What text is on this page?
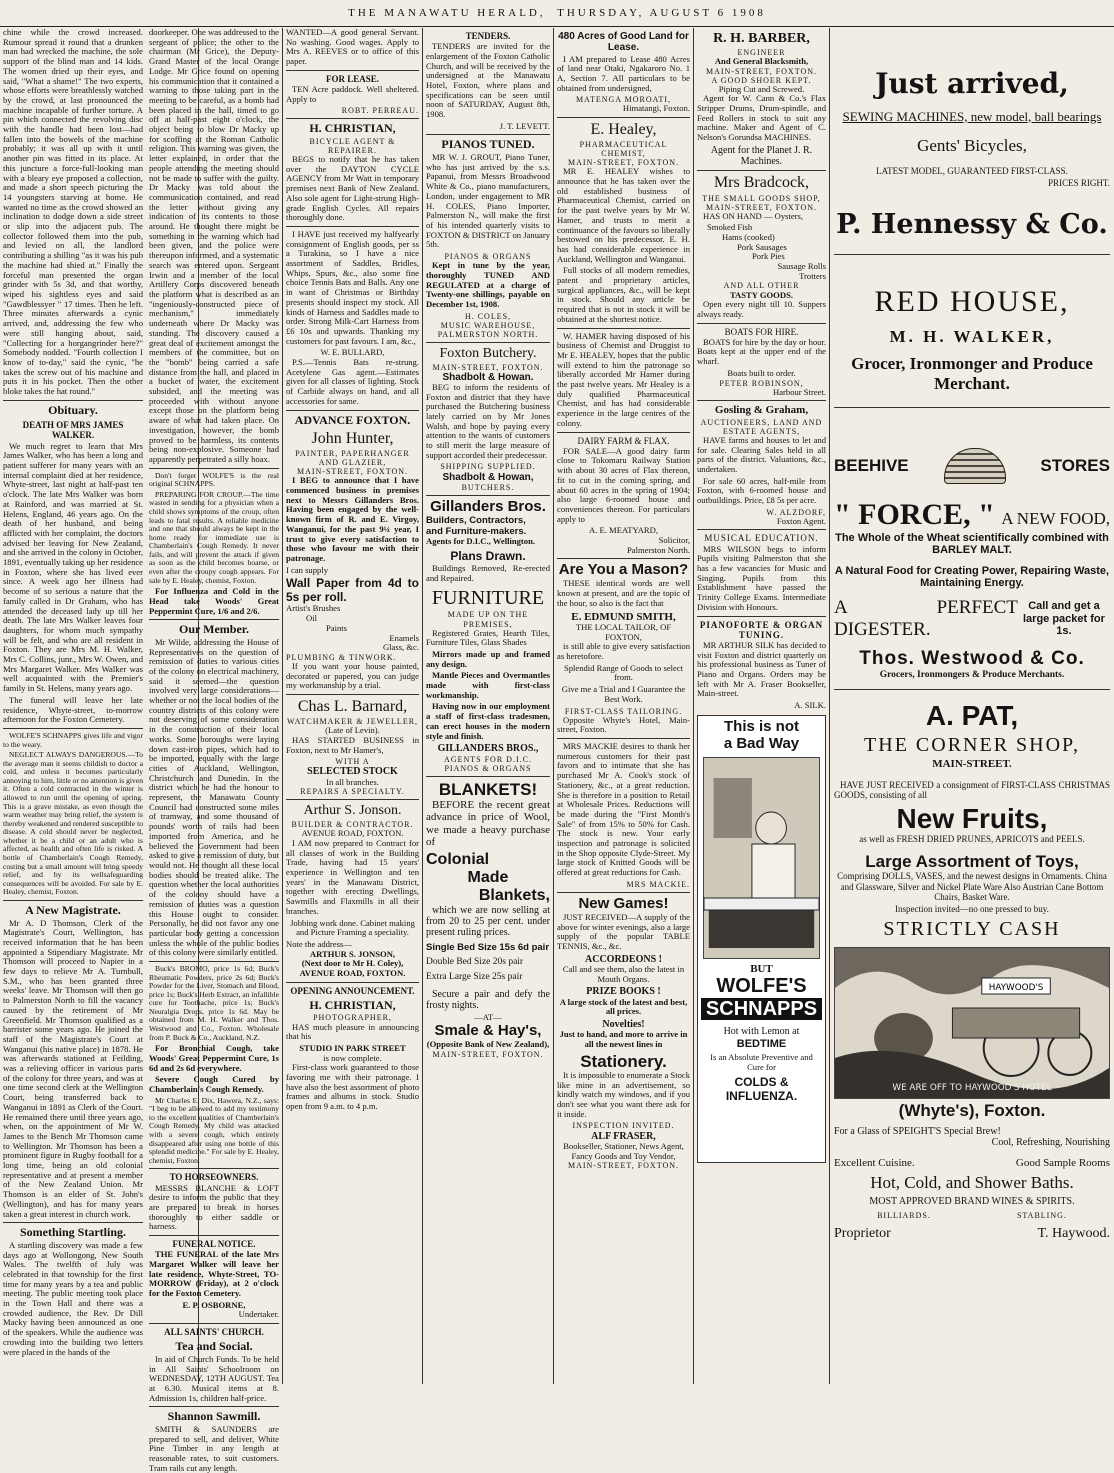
THE MANAWATU HERALD,
THURSDAY, AUGUST 6 1908

chine while the crowd increased. Rumour spread it round that a drunken man had wrecked the machine, the sole support of the blind man and 14 kids. The women dried up their eyes, and said, "What a shame!" The two experts, whose efforts were breathlessly watched by the crowd, at last pronounced the machine incapable of further torture. A pin which connected the revolving disc with the handle had been lost—had fallen into the bowels of the machine probably; it was all up with it until another pin was fitted in its place. At this juncture a force-full-looking man with a bleary eye proposed a collection, and made a short speech picturing the 14 youngsters starving at home. He wanted no time as the crowd showed an inclination to dodge down a side street or slip into the adjacent pub. The collector followed them into the pub, and levied on all, the landlord contributing a shilling "as it was his pub the machine had shied at." Finally the forceful man presented the organ grinder with 5s 3d, and that worthy, wiped his sightless eyes and said "Gawdblessyer " 17 times. Then he left. Three minutes afterwards a cynic arrived, and, addressing the few who were still hanging about, said, "Collecting for a horgangrinder here?" Somebody nodded. "Fourth collection I know of to-day," said the cynic, "he takes the screw out of his machine and puts it in his pocket. Then the other bloke takes the hat round."

Obituary.
DEATH OF MRS JAMES WALKER.

We much regret to learn that Mrs James Walker, who has been a long and patient sufferer for many years with an internal complaint died at her residence, Whyte-street, last night at half-past ten o'clock. The late Mrs Walker was born at Rainford, and was married at St. Helens, England, 46 years ago. On the death of her husband, and being afflicted with her complaint, the doctors advised her leaving for New Zealand, and she arrived in the colony in October, 1891, eventually taking up her residence in Foxton, where she has lived ever since. A week ago her illness had become of so serious a nature that the family called in Dr Graham, who has attended the deceased lady up till her death. The late Mrs Walker leaves four daughters, for whom much sympathy will be felt, and who are all resident in Foxton. They are Mrs M. H. Walker, Mrs C. Collins, junr., Mrs W. Owen, and Mrs Margaret Walker. Mrs Walker was well acquainted with the Premier's family in St. Helens, many years ago.

The funeral will leave her late residence, Whyte-street, to-morrow afternoon for the Foxton Cemetery.

WOLFE'S SCHNAPPS gives life and vigor to the weary.

NEGLECT ALWAYS DANGEROUS.—To the average man it seems childish to doctor a cold, and unless it becomes particularly annoying to him, little or no attention is given it. Often a cold contracted in the winter is allowed to run until the opening of spring. This is a grave mistake, as even though the warm weather may bring relief, the system is thereby weakened and rendered susceptible to disease. A cold should never be neglected, whether it be a child or an adult who is affected, as health and often life is risked. A bottle of Chamberlain's Cough Remedy, costing but a small amount will bring speedy relief, and by its wellsafeguarding consequences will be avoided. For sale by E. Healey, chemist, Foxton.

A New Magistrate.

Mr A. D Thomson, Clerk of the Magistrate's Court, Wellington, has received information that he has been appointed a Stipendiary Magistrate. Mr Thomson will proceed to Napier in a few days to relieve Mr A. Turnbull, S.M., who has been granted three weeks' leave. Mr Thomson will then go to Palmerston North to fill the vacancy caused by the retirement of Mr Greenfield. Mr Thomson qualified as a barrister some years ago. He joined the staff of the Magistrate's Court at Wanganui (his native place) in 1878. He was afterwards stationed at Feilding, was a relieving officer in various parts of the colony for three years, and was at one time second clerk at the Wellington Court, being transferred back to Wanganui in 1891 as Clerk of the Court. He remained there until three years ago, when, on the appointment of Mr W. James to the Bench Mr Thomson came to Wellington. Mr Thomson has been a prominent figure in Rugby football for a long time, being an old colonial representative and at present a member of the New Zealand Union. Mr Thomson is an elder of St. John's (Wellington), and has for many years taken a great interest in church work.

Something Startling.

A startling discovery was made a few days ago at Wollongong, New South Wales. The twelfth of July was celebrated in that township for the first time for many years by a tea and public meeting. The public meeting took place in the Town Hall and there was a crowded audience, the Rev. Dr Dill Macky having been announced as one of the speakers. While the audience was crowding into the building two letters were placed in the hands of the

doorkeeper. One was addressed to the sergeant of police; the other to the chairman (Mr Grice), the Deputy-Grand Master of the local Orange Lodge. Mr Grice found on opening his communication that it contained a warning to those taking part in the meeting to be careful, as a bomb had been placed in the hall, timed to go off at half-past eight o'clock, the object being to blow Dr Macky up for scoffing at the Roman Catholic religion. This warning was given, the letter explained, in order that the people attending the meeting should not be made to suffer with the guilty. Dr Macky was told about the communication contained, and read the letter without giving any indication of its contents to those around. He thought there might be something in the warning which had been given, and the police were thereupon informed, and a systematic search was entered upon. Sergeant Irwin and a member of the local Artillery Corps discovered beneath the platform what is described as an "ingeniously-constructed piece of mechanism," immediately underneath where Dr Macky was standing. The discovery caused a great deal of excitement amongst the members of the committee, but on the "bomb" being carried a safe distance from the hall, and placed in a bucket of water, the excitement subsided, and the meeting was proceeded with without anyone except those on the platform being aware of what had taken place. On investigation, however, the bomb proved to be harmless, its contents being non-explosive. Someone had apparently perpetrated a silly hoax.

Don't forget WOLFE'S is the real original SCHNAPPS.

PREPARING FOR CROUP.—The time wasted in sending for a physician when a child shows symptoms of the croup, often leads to fatal results. A reliable medicine and one that should always be kept in the home ready for immediate use is Chamberlain's Cough Remedy. It never fails, and will prevent the attack if given as soon as the child becomes hoarse, or even after the croupy cough appears. For sale by E. Healey, chemist, Foxton.

For Influenza and Cold in the Head take Woods' Great Peppermint Cure, 1/6 and 2/6.

Our Member.

Mr Wilde, addressing the House of Representatives on the question of remission of duties to various cities of the colony on electrical machinery, said it seemed—the question involved very large considerations—whether or not the local bodies of the country districts of this colony were not deserving of some consideration in the construction of their local works. Some boroughs were laying down cast-iron pipes, which had to be imported, equally with the large cities of Auckland, Wellington, Christchurch and Dunedin. In the district which he had the honour to represent, the Manawatu County Council had constructed some miles of tramway, and some thousand of pounds' worth of rails had been imported from America, and he believed the Government had been asked to give a remission of duty, but would not. He thought all these local bodies should be treated alike. The question whether the local authorities of the colony should have a remission of duties was a question this House ought to consider. Personally, he did not favor any one particular body getting a concession unless the whole of the public bodies of this colony were similarly entitled.

Buck's BROMO, price 1s 6d; Buck's Rheumatic Powders, price 2s 6d; Buck's Powder for the Liver, Stomach and Blood, price 1s; Buck's Herb Extract, an infallible cure for Toothache, price 1s; Buck's Neuralgia Drops, price 1s 6d. May be obtained from M. H. Walker and Thos. Westwood and Co., Foxton. Wholesale from P. Buck & Co., Auckland, N.Z.

For Bronchial Cough, take Woods' Great Peppermint Cure, 1s 6d and 2s 6d everywhere.

Severe Cough Cured by Chamberlain's Cough Remedy.

Mr Charles E. Dix, Hawera, N.Z., says: "I beg to be allowed to add my testimony to the excellent qualities of Chamberlain's Cough Remedy. My child was attacked with a severe cough, which entirely disappeared after using one bottle of this splendid medicine." For sale by E. Healey, chemist, Foxton.

TO HORSEOWNERS.

MESSRS BLANCHE & LOFT desire to inform the public that they are prepared to break in horses thoroughly to either saddle or harness.

FUNERAL NOTICE.

THE FUNERAL of the late Mrs Margaret Walker will leave her late residence, Whyte-Street, TO-MORROW (Friday), at 2 o'clock for the Foxton Cemetery.

E. P. OSBORNE,
Undertaker.
ALL SAINTS' CHURCH.
Tea and Social.

In aid of Church Funds. To be held in All Saints' Schoolroom on WEDNESDAY, 12TH AUGUST. Tea at 6.30. Musical items at 8. Admission 1s, children half-price.

Shannon Sawmill.

SMITH & SAUNDERS are prepared to sell, and deliver, White Pine Timber in any length at reasonable rates, to suit customers. Tram rails cut any length.

WANTED—A good general Servant. No washing. Good wages. Apply to Mrs A. REEVES or to office of this paper.

FOR LEASE.

TEN Acre paddock. Well sheltered. Apply to

ROBT. PERREAU.
H. CHRISTIAN,
BICYCLE AGENT & REPAIRER.

BEGS to notify that he has taken over the DAYTON CYCLE AGENCY from Mr Watt in temporary premises next Bank of New Zealand. Also sole agent for Light-strung High-grade English Cycles. All repairs thoroughly done.

I HAVE just received my halfyearly consignment of English goods, per ss a Turakina, so I have a nice assortment of Saddles, Bridles, Whips, Spurs, &c., also some fine choice Tennis Bats and Balls. Any one in want of Christmas or Birthday presents should inspect my stock. All kinds of Harness and Saddles made to order. Strong Milk-Cart Harness from £6 10s and upwards. Thanking my customers for past favours. I am, &c.,

W. E. BULLARD,

P.S.—Tennis Bats re-strung. Acetylene Gas agent.—Estimates given for all classes of lighting. Stock of Carbide always on hand, and all accessories for same.

ADVANCE FOXTON.
John Hunter,
PAINTER, PAPERHANGER AND GLAZIER,
MAIN-STREET, FOXTON.

I BEG to announce that I have commenced business in premises next to Messrs Gillanders Bros. Having been engaged by the well-known firm of R. and E. Virgoy, Wanganui, for the past 9¼ year, I trust to give every satisfaction to those who favour me with their patronage.

I can supply

Wall Paper from 4d to 5s per roll.
Artist's Brushes
Oil
Paints
Enamels
Glass, &c.
PLUMBING & TINWORK.

If you want your house painted, decorated or papered, you can judge my workmanship by a trial.

Chas L. Barnard,
WATCHMAKER & JEWELLER,
(Late of Levin).

HAS STARTED BUSINESS in Foxton, next to Mr Hamer's,

WITH A
SELECTED STOCK
In all branches.
REPAIRS A SPECIALTY.
Arthur S. Jonson.
BUILDER & CONTRACTOR.
AVENUE ROAD, FOXTON.

I AM now prepared to Contract for all classes of work in the Building Trade, having had 15 years' experience in Wellington and ten years' in the Manawatu District, together with erecting Dwellings, Sawmills and Flaxmills in all their branches.

Jobbing work done. Cabinet making and Picture Framing a speciality.

Note the address—
ARTHUR S. JONSON,
(Next door to Mr H. Coley),
AVENUE ROAD, FOXTON.
OPENING ANNOUNCEMENT.
H. CHRISTIAN,
PHOTOGRAPHER,

HAS much pleasure in announcing that his

STUDIO IN PARK STREET
is now complete.

First-class work guaranteed to those favoring me with their patronage. I have also the best assortment of photo frames and albums in stock. Studio open from 9 a.m. to 4 p.m.

TENDERS.

TENDERS are invited for the enlargement of the Foxton Catholic Church, and will be received by the undersigned at the Manawatu Hotel, Foxton, where plans and specifications can be seen until noon of SATURDAY, August 8th, 1908.

J. T. LEVETT.
PIANOS TUNED.

MR W. J. GROUT, Piano Tuner, who has just arrived by the s.s. Papanui, from Messrs Broadwood White & Co., piano manufacturers, London, under engagement to MR H. COLES, Piano Importer, Palmerston N., will make the first of his intended quarterly visits to FOXTON & DISTRICT on January 5th.

PIANOS & ORGANS

Kept in tune by the year, thoroughly TUNED AND REGULATED at a charge of Twenty-one shillings, payable on December 1st, 1908.

H. COLES,
MUSIC WAREHOUSE,
PALMERSTON NORTH.
Foxton Butchery.
MAIN-STREET, FOXTON.
Shadbolt & Howan.

BEG to inform the residents of Foxton and district that they have purchased the Butchering business lately carried on by Mr Jones Walsh, and hope by paying every attention to the wants of customers to still merit the large measure of support accorded their predecessor.

SHIPPING SUPPLIED.
Shadbolt & Howan,
BUTCHERS.
Gillanders Bros.
Builders, Contractors,
and Furniture-makers.
Agents for D.I.C., Wellington.
Plans Drawn.

Buildings Removed, Re-erected and Repaired.

FURNITURE
MADE UP ON THE PREMISES,

Registered Grates, Hearth Tiles, Furniture Tiles, Glass Shades

Mirrors made up and framed any design.

Mantle Pieces and Overmantles made with first-class workmanship.

Having now in our employment a staff of first-class tradesmen, can erect houses in the modern style and finish.

GILLANDERS BROS.,
AGENTS FOR D.I.C. PIANOS & ORGANS
BLANKETS!

BEFORE the recent great advance in price of Wool, we made a heavy purchase of

Colonial
Made
Blankets,

which we are now selling at from 20 to 25 per cent. under present ruling prices.

Single Bed Size 15s 6d pair
Double Bed Size 20s pair
Extra Large Size 25s pair

Secure a pair and defy the frosty nights.

—AT—
Smale & Hay's,
(Opposite Bank of New Zealand),
MAIN-STREET, FOXTON.
480 Acres of Good Land for Lease.

I AM prepared to Lease 480 Acres of land near Otaki, Ngakaroro No. 1 A, Section 7. All particulars to be obtained from undersigned,

MATENGA MOROATI,
Himatangi, Foxton.
E. Healey,
PHARMACEUTICAL CHEMIST,
MAIN-STREET, FOXTON.

MR E. HEALEY wishes to announce that he has taken over the old established business of Pharmaceutical Chemist, carried on for the past twelve years by Mr W. Hamer, and trusts to merit a continuance of the favours so liberally bestowed on his predecessor. E. H. has had considerable experience in Auckland, Wellington and Wanganui.

Full stocks of all modern remedies, patent and proprietary articles, surgical appliances, &c., will be kept in stock. Should any article be required that is not in stock it will be obtained at the shortest notice.

W. HAMER having disposed of his business of Chemist and Druggist to Mr E. HEALEY, hopes that the public will extend to him the patronage so liberally accorded Mr Hamer during the past twelve years. Mr Healey is a duly qualified Pharmaceutical Chemist, and has had considerable experience in the large centres of the colony.

DAIRY FARM & FLAX.

FOR SALE—A good dairy farm close to Tokomaru Railway Station with about 30 acres of Flax thereon, fit to cut in the coming spring, and about 60 acres in the spring of 1904; also large 6-roomed house and conveniences thereon. For particulars apply to

A. E. MEATYARD,
Solicitor,
Palmerston North.
Are You a Mason?

THESE identical words are well known at present, and are the topic of the hour, so also is the fact that

E. EDMUND SMITH,
THE LOCAL TAILOR, OF FOXTON,

is still able to give every satisfaction as heretofore.

Splendid Range of Goods to select from.

Give me a Trial and I Guarantee the Best Work.

FIRST-CLASS TAILORING.

Opposite Whyte's Hotel, Main-street, Foxton.

MRS MACKIE desires to thank her numerous customers for their past favors and to intimate that she has purchased Mr A. Cook's stock of Stationery, &c., at a great reduction. She is therefore in a position to Retail at Wholesale Prices. Reductions will be made during the "First Month's Sale" of from 15% to 50% for Cash. The stock is new. Your early inspection and patronage is solicited in the Shop opposite Clyde-Street. My large stock of Knitted Goods will be offered at great reductions for Cash.

MRS MACKIE.
New Games!

JUST RECEIVED—A supply of the above for winter evenings, also a large supply of the popular TABLE TENNIS, &c., &c.

ACCORDEONS !

Call and see them, also the latest in Mouth Organs.

PRIZE BOOKS !

A large stock of the latest and best, all prices.

Novelties!

Just to hand, and more to arrive in all the newest lines in

Stationery.

It is impossible to enumerate a Stock like mine in an advertisement, so kindly watch my windows, and if you don't see what you want there ask for it inside.

INSPECTION INVITED.
ALF FRASER,
Bookseller, Stationer, News Agent, Fancy Goods and Toy Vendor,
MAIN-STREET, FOXTON.
R. H. BARBER,
ENGINEER
And General Blacksmith,
MAIN-STREET, FOXTON.
A GOOD SHOER KEPT.
Piping Cut and Screwed.

Agent for W. Cann & Co.'s Flax Stripper Drums, Drum-spindle, and Feed Rollers in stock to suit any machine. Maker and Agent of C. Nelson's Gorundsa MACHINES.

Agent for the Planet J. R. Machines.
Mrs Bradcock,
THE SMALL GOODS SHOP,
MAIN-STREET, FOXTON.

HAS ON HAND — Oysters,

Smoked Fish
Hams (cooked)
Pork Sausages
Pork Pies
Sausage Rolls
Trotters
AND ALL OTHER
TASTY GOODS.

Open every night till 10. Suppers always ready.

BOATS FOR HIRE.

BOATS for hire by the day or hour. Boats kept at the upper end of the wharf.

Boats built to order.
PETER ROBINSON,
Harbour Street.
Gosling & Graham,
AUCTIONEERS, LAND AND ESTATE AGENTS,

HAVE farms and houses to let and for sale. Clearing Sales held in all parts of the district. Valuations, &c., undertaken.

For sale 60 acres, half-mile from Foxton, with 6-roomed house and outbuildings. Price, £8 5s per acre.

W. ALZDORF,
Foxton Agent.
MUSICAL EDUCATION.

MRS WILSON begs to inform Pupils visiting Palmerston that she has a few vacancies for Music and Singing. Pupils from this Establishment have passed the Trinity College Exams. Intermediate Division with Honours.

PIANOFORTE & ORGAN TUNING.

MR ARTHUR SILK has decided to visit Foxton and district quarterly on his professional business as Tuner of Piano and Organs. Orders may be left with Mr A. Fraser Bookseller, Main-street.

A. SILK.
This is not
a Bad Way
BUT
WOLFE'S
SCHNAPPS
Hot with Lemon at
BEDTIME
Is an Absolute Preventive and Cure for
COLDS & INFLUENZA.
Just arrived,
SEWING MACHINES, new model, ball bearings
Gents' Bicycles,
LATEST MODEL, GUARANTEED FIRST-CLASS.
PRICES RIGHT.
P. Hennessy & Co.
RED HOUSE,
M. H. WALKER,
Grocer, Ironmonger and Produce Merchant.
BEEHIVE	STORES
" FORCE, " A NEW FOOD,
The Whole of the Wheat scientifically combined with BARLEY MALT.
A Natural Food for Creating Power, Repairing Waste, Maintaining Energy.
A PERFECT DIGESTER.
Call and get a large packet for 1s.
Thos. Westwood & Co.
Grocers, Ironmongers & Produce Merchants.
A. PAT,
THE CORNER SHOP,
MAIN-STREET.

HAVE JUST RECEIVED a consignment of FIRST-CLASS CHRISTMAS GOODS, consisting of all

New Fruits,
as well as FRESH DRIED PRUNES, APRICOTS and PEELS.
Large Assortment of Toys,

Comprising DOLLS, VASES, and the newest designs in Ornaments. China and Glassware, Silver and Nickel Plate Ware Also Austrian Cane Bottom Chairs, Basket Ware.

Inspection invited—no one pressed to buy.
STRICTLY CASH
HAYWOOD'S
WE ARE OFF TO HAYWOOD'S HOTEL
(Whyte's), Foxton.
For a Glass of SPEIGHT'S Special Brew!
Cool, Refreshing, Nourishing
Excellent Cuisine.	Good Sample Rooms
Hot, Cold, and Shower Baths.
MOST APPROVED BRAND WINES & SPIRITS.
BILLIARDS.	STABLING.
Proprietor	T. Haywood.
